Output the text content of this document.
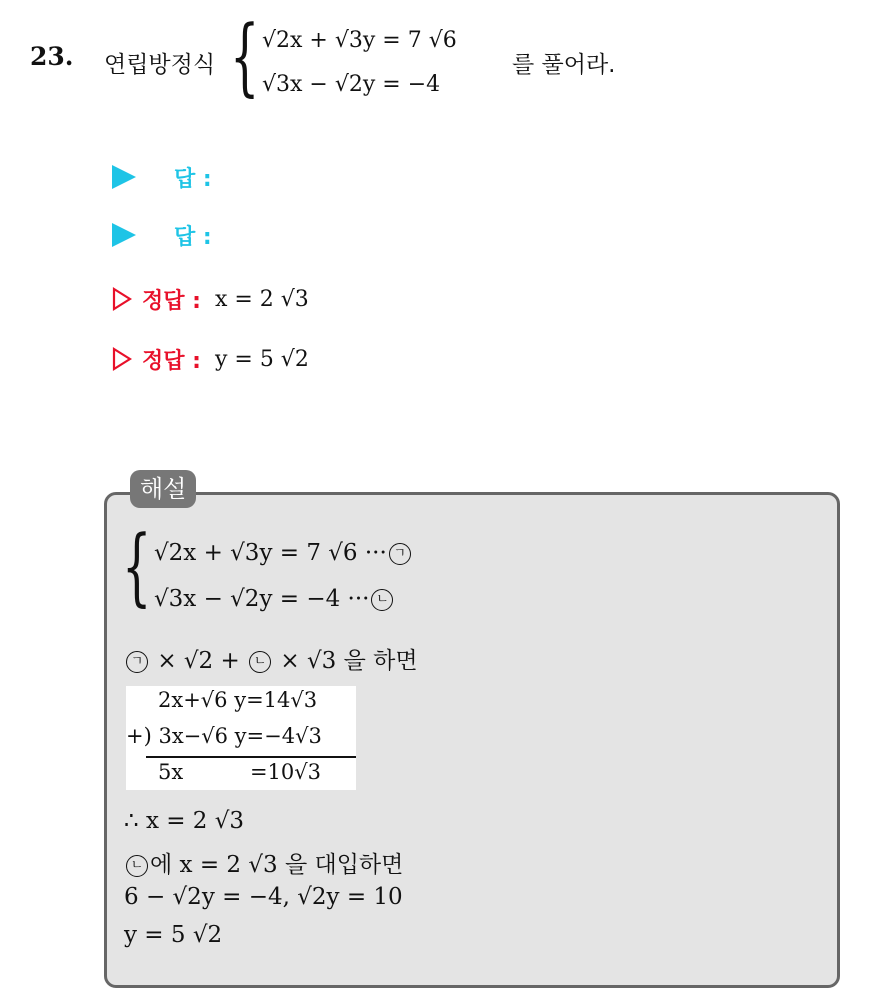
23. 연립방정식 { √2x + √3y = 7 √6
√3x − √2y = −4
를 풀어라.
답 :
답 :
정답 : x = 2 √3
정답 : y = 5 √2
해설
{ √2x + √3y = 7 √6 ··· ㄱ
√3x − √2y = −4 ··· ㄴ
ㄱ × √2 + ㄴ × √3 을 하면
2x+√6 y=14√3
+) 3x−√6 y=−4√3
5x          =10√3
∴ x = 2 √3
ㄴ 에 x = 2 √3 을 대입하면
6 − √2y = −4, √2y = 10
y = 5 √2
